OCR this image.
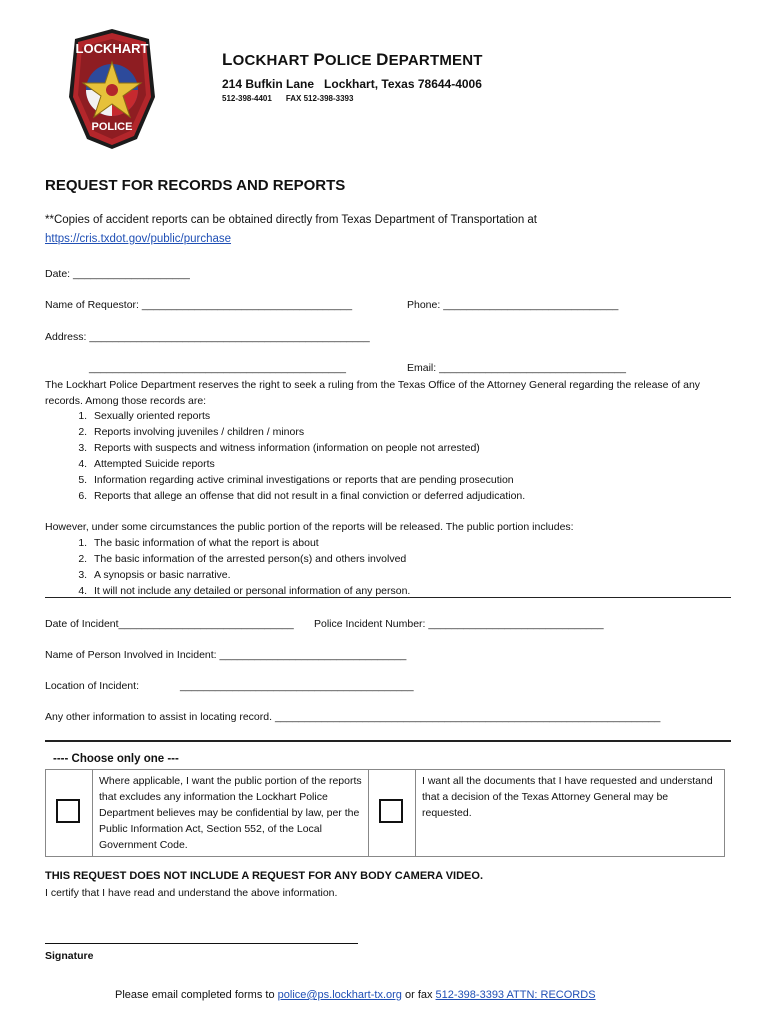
LOCKHART
POLICE
LOCKHART POLICE DEPARTMENT
214 Bufkin Lane   Lockhart, Texas 78644-4006
512-398-4401 FAX 512-398-3393
REQUEST FOR RECORDS AND REPORTS
**Copies of accident reports can be obtained directly from Texas Department of Transportation at
https://cris.txdot.gov/public/purchase
Date: ____________________
Name of Requestor: ____________________________________	Phone: ______________________________
Address: ________________________________________________
____________________________________________	Email: ________________________________
The Lockhart Police Department reserves the right to seek a ruling from the Texas Office of the Attorney General regarding the release of any records. Among those records are:
1. Sexually oriented reports
2. Reports involving juveniles / children / minors
3. Reports with suspects and witness information (information on people not arrested)
4. Attempted Suicide reports
5. Information regarding active criminal investigations or reports that are pending prosecution
6. Reports that allege an offense that did not result in a final conviction or deferred adjudication.
However, under some circumstances the public portion of the reports will be released. The public portion includes:
1. The basic information of what the report is about
2. The basic information of the arrested person(s) and others involved
3. A synopsis or basic narrative.
4. It will not include any detailed or personal information of any person.
Date of Incident______________________________ Police Incident Number: ______________________________
Name of Person Involved in Incident: ________________________________
Location of Incident:	________________________________________
Any other information to assist in locating record. __________________________________________________________________
---- Choose only one ---
	Where applicable, I want the public portion of the reports that excludes any information the Lockhart Police Department believes may be confidential by law, per the Public Information Act, Section 552, of the Local Government Code.		I want all the documents that I have requested and understand that a decision of the Texas Attorney General may be requested.
THIS REQUEST DOES NOT INCLUDE A REQUEST FOR ANY BODY CAMERA VIDEO.
I certify that I have read and understand the above information.
Signature
Please email completed forms to police@ps.lockhart-tx.org or fax 512-398-3393 ATTN: RECORDS
